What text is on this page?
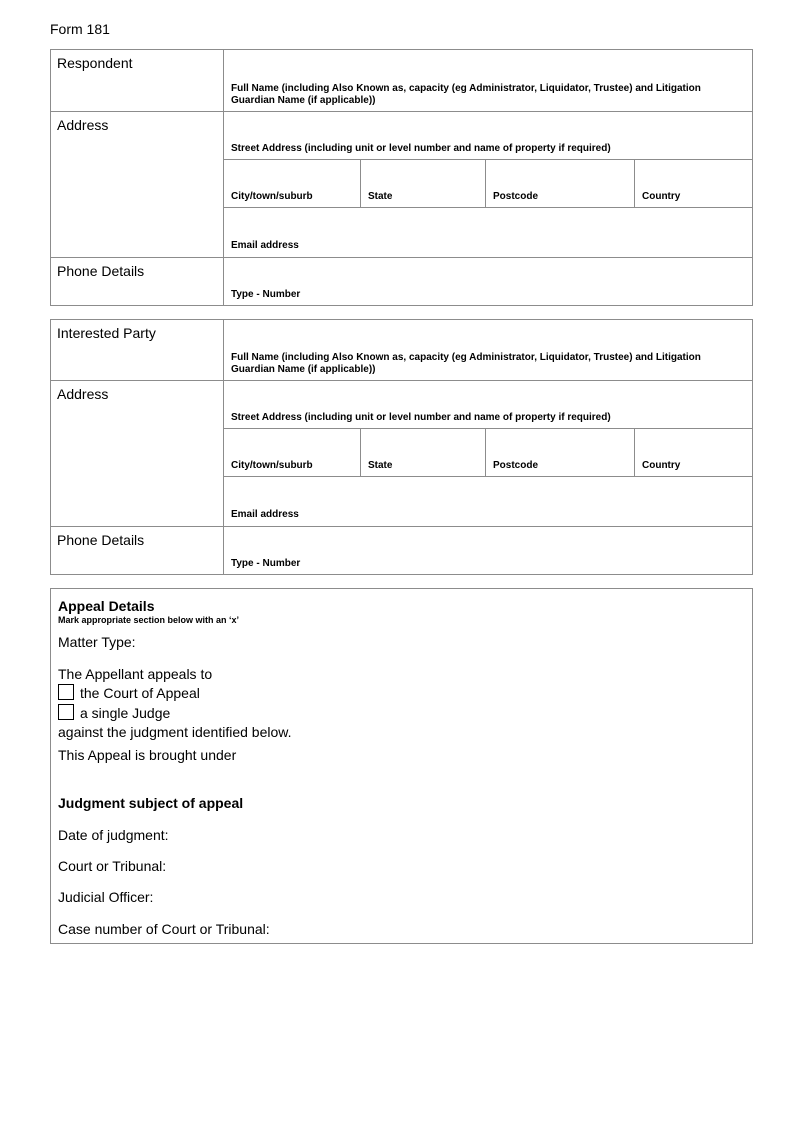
Form 181
Respondent
Full Name (including Also Known as, capacity (eg Administrator, Liquidator, Trustee) and Litigation Guardian Name (if applicable))
Address
Street Address (including unit or level number and name of property if required)
City/town/suburb	State	Postcode	Country
Email address
Phone Details
Type - Number
Interested Party
Full Name (including Also Known as, capacity (eg Administrator, Liquidator, Trustee) and Litigation Guardian Name (if applicable))
Address
Street Address (including unit or level number and name of property if required)
City/town/suburb	State	Postcode	Country
Email address
Phone Details
Type - Number
Appeal Details
Mark appropriate section below with an ‘x’
Matter Type:
The Appellant appeals to
the Court of Appeal
a single Judge
against the judgment identified below.
This Appeal is brought under
Judgment subject of appeal
Date of judgment:
Court or Tribunal:
Judicial Officer:
Case number of Court or Tribunal:
